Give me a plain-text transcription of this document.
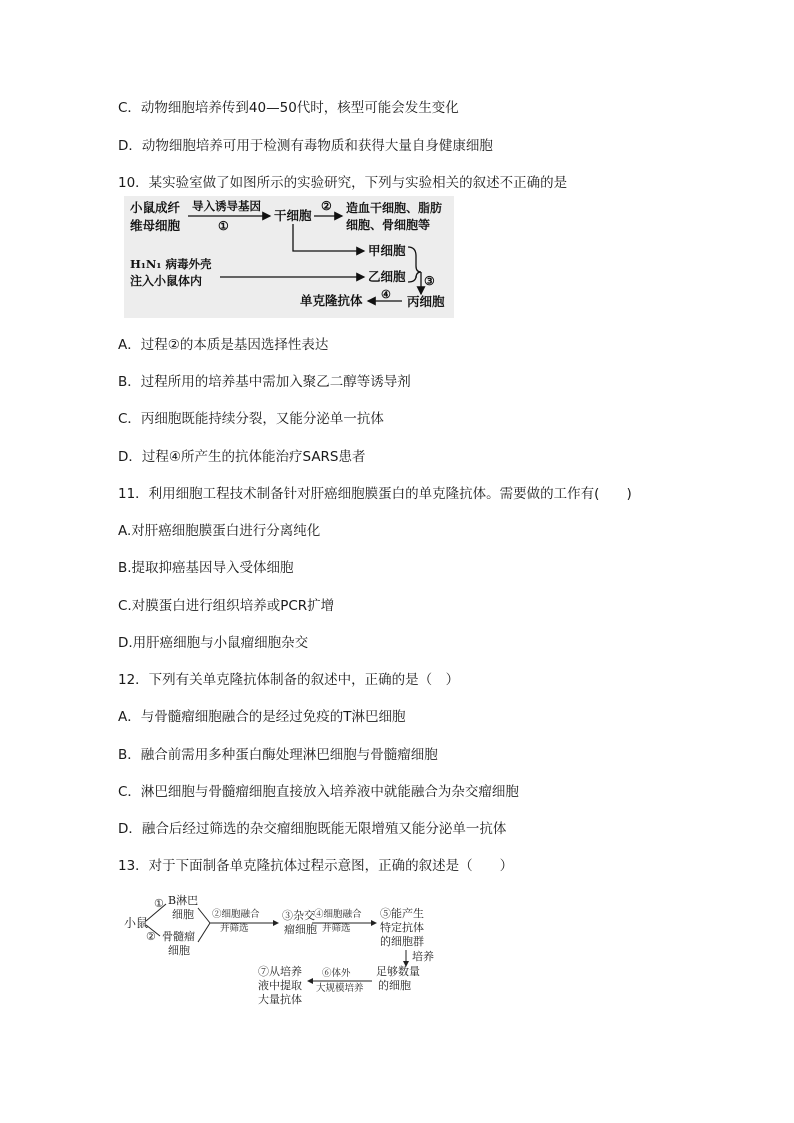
C．动物细胞培养传到40—50代时，核型可能会发生变化
D．动物细胞培养可用于检测有毒物质和获得大量自身健康细胞
10．某实验室做了如图所示的实验研究，下列与实验相关的叙述不正确的是
小鼠成纤
维母细胞
导入诱导基因
①
干细胞
② 造血干细胞、脂肪
细胞、骨细胞等
甲细胞
H₁N₁ 病毒外壳
注入小鼠体内	乙细胞 ③
单克隆抗体 ④ 丙细胞
A．过程②的本质是基因选择性表达
B．过程所用的培养基中需加入聚乙二醇等诱导剂
C．丙细胞既能持续分裂，又能分泌单一抗体
D．过程④所产生的抗体能治疗SARS患者
11．利用细胞工程技术制备针对肝癌细胞膜蛋白的单克隆抗体。需要做的工作有(　　)
A.对肝癌细胞膜蛋白进行分离纯化
B.提取抑癌基因导入受体细胞
C.对膜蛋白进行组织培养或PCR扩增
D.用肝癌细胞与小鼠瘤细胞杂交
12．下列有关单克隆抗体制备的叙述中，正确的是（　）
A．与骨髓瘤细胞融合的是经过免疫的T淋巴细胞
B．融合前需用多种蛋白酶处理淋巴细胞与骨髓瘤细胞
C．淋巴细胞与骨髓瘤细胞直接放入培养液中就能融合为杂交瘤细胞
D．融合后经过筛选的杂交瘤细胞既能无限增殖又能分泌单一抗体
13．对于下面制备单克隆抗体过程示意图，正确的叙述是（　　）
小鼠
① B淋巴
细胞
② 骨髓瘤
细胞
②细胞融合
并筛选
③杂交
瘤细胞
④细胞融合
并筛选
⑤能产生
特定抗体
的细胞群
培养
足够数量
的细胞
⑥体外
大规模培养
⑦从培养
液中提取
大量抗体
